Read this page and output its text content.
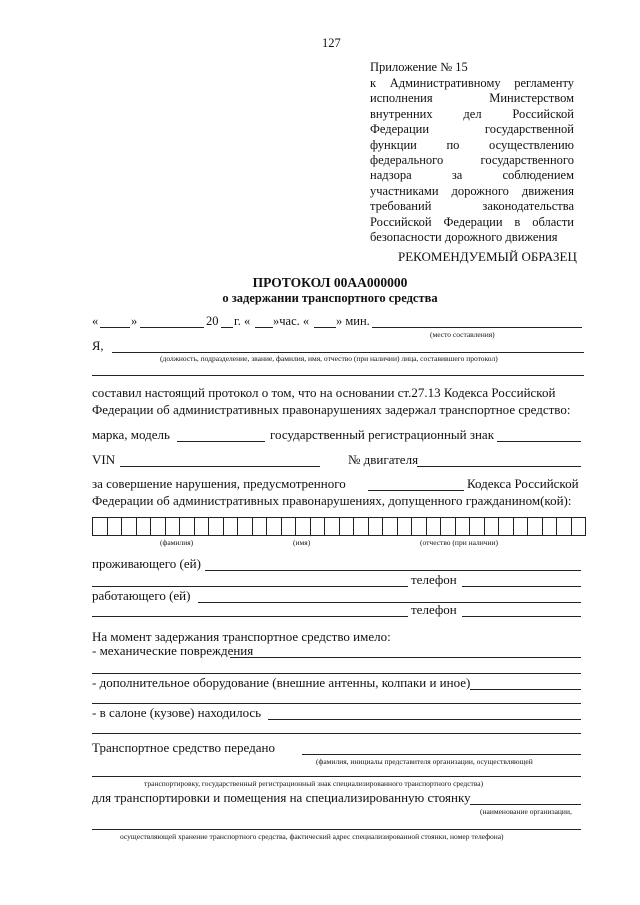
127
Приложение № 15
к Административному регламенту
исполнения Министерством
внутренних дел Российской
Федерации государственной
функции по осуществлению
федерального государственного
надзора за соблюдением
участниками дорожного движения
требований законодательства
Российской Федерации в области
безопасности дорожного движения
РЕКОМЕНДУЕМЫЙ ОБРАЗЕЦ
ПРОТОКОЛ 00АА000000
о задержании транспортного средства
«	»	20 г. « »час. « » мин.
(место составления)
Я,
(должность, подразделение, звание, фамилия, имя, отчество (при наличии) лица, составившего протокол)
составил настоящий протокол о том, что на основании ст.27.13 Кодекса Российской
Федерации об административных правонарушениях задержал транспортное средство:
марка, модель	государственный регистрационный знак
VIN	№ двигателя
за совершение нарушения, предусмотренного	Кодекса Российской
Федерации об административных правонарушениях, допущенного гражданином(кой):
(фамилия)	(имя)	(отчество (при наличии)
проживающего (ей)
телефон
работающего (ей)
телефон
На момент задержания транспортное средство имело:
- механические повреждения
- дополнительное оборудование (внешние антенны, колпаки и иное)
- в салоне (кузове) находилось
Транспортное средство передано
(фамилия, инициалы представителя организации, осуществляющей
транспортировку, государственный регистрационный знак специализированного транспортного средства)
для транспортировки и помещения на специализированную стоянку
(наименование организации,
осуществляющей хранение транспортного средства, фактический адрес специализированной стоянки, номер телефона)
